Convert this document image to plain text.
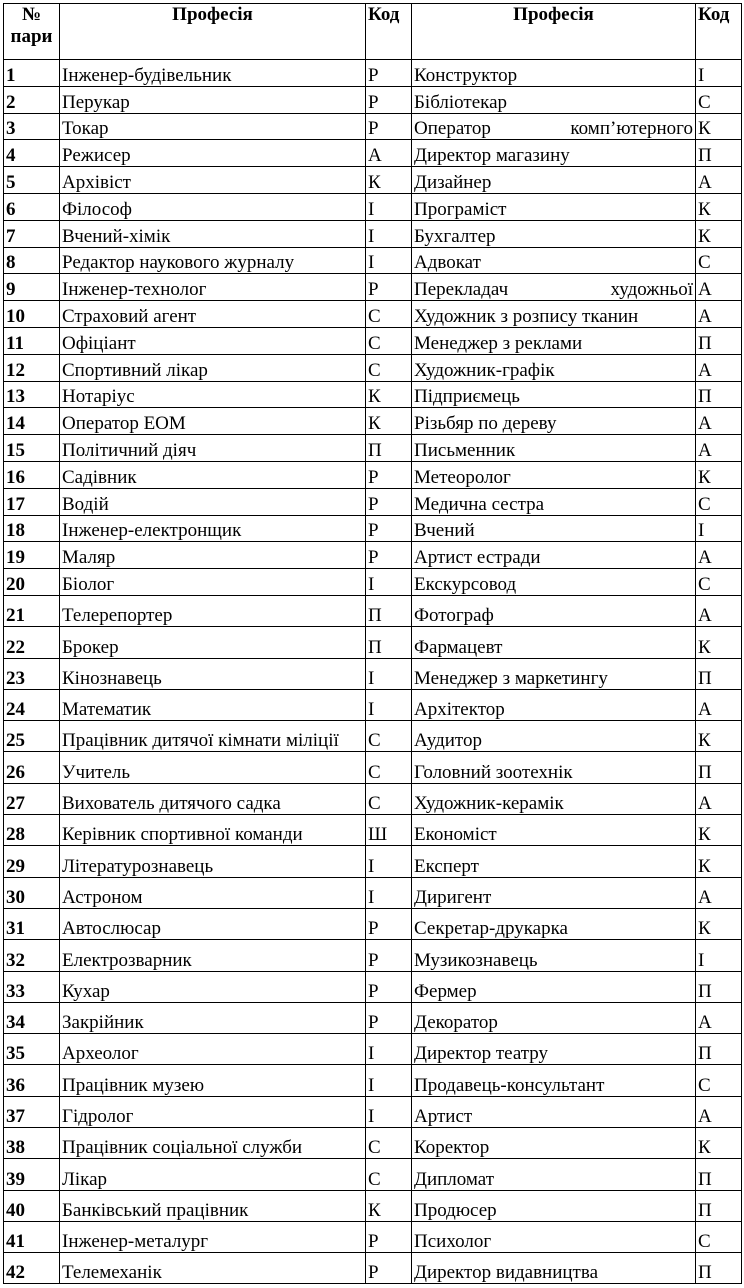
№ пари	Професія	Код	Професія	Код
1	Інженер-будівельник	Р	Конструктор	І
2	Перукар	Р	Бібліотекар	С
3	Токар	Р	Оператор комп’ютерного	К
4	Режисер	А	Директор магазину	П
5	Архівіст	К	Дизайнер	А
6	Філософ	І	Програміст	К
7	Вчений-хімік	І	Бухгалтер	К
8	Редактор наукового журналу	І	Адвокат	С
9	Інженер-технолог	Р	Перекладач художньої	А
10	Страховий агент	С	Художник з розпису тканин	А
11	Офіціант	С	Менеджер з реклами	П
12	Спортивний лікар	С	Художник-графік	А
13	Нотаріус	К	Підприємець	П
14	Оператор ЕОМ	К	Різьбяр по дереву	А
15	Політичний діяч	П	Письменник	А
16	Садівник	Р	Метеоролог	К
17	Водій	Р	Медична сестра	С
18	Інженер-електронщик	Р	Вчений	І
19	Маляр	Р	Артист естради	А
20	Біолог	І	Екскурсовод	С
21	Телерепортер	П	Фотограф	А
22	Брокер	П	Фармацевт	К
23	Кінознавець	І	Менеджер з маркетингу	П
24	Математик	І	Архітектор	А
25	Працівник дитячої кімнати міліції	С	Аудитор	К
26	Учитель	С	Головний зоотехнік	П
27	Вихователь дитячого садка	С	Художник-керамік	А
28	Керівник спортивної команди	Ш	Економіст	К
29	Літературознавець	І	Експерт	К
30	Астроном	І	Диригент	А
31	Автослюсар	Р	Секретар-друкарка	К
32	Електрозварник	Р	Музикознавець	І
33	Кухар	Р	Фермер	П
34	Закрійник	Р	Декоратор	А
35	Археолог	І	Директор театру	П
36	Працівник музею	І	Продавець-консультант	С
37	Гідролог	І	Артист	А
38	Працівник соціальної служби	С	Коректор	К
39	Лікар	С	Дипломат	П
40	Банківський працівник	К	Продюсер	П
41	Інженер-металург	Р	Психолог	С
42	Телемеханік	Р	Директор видавництва	П
